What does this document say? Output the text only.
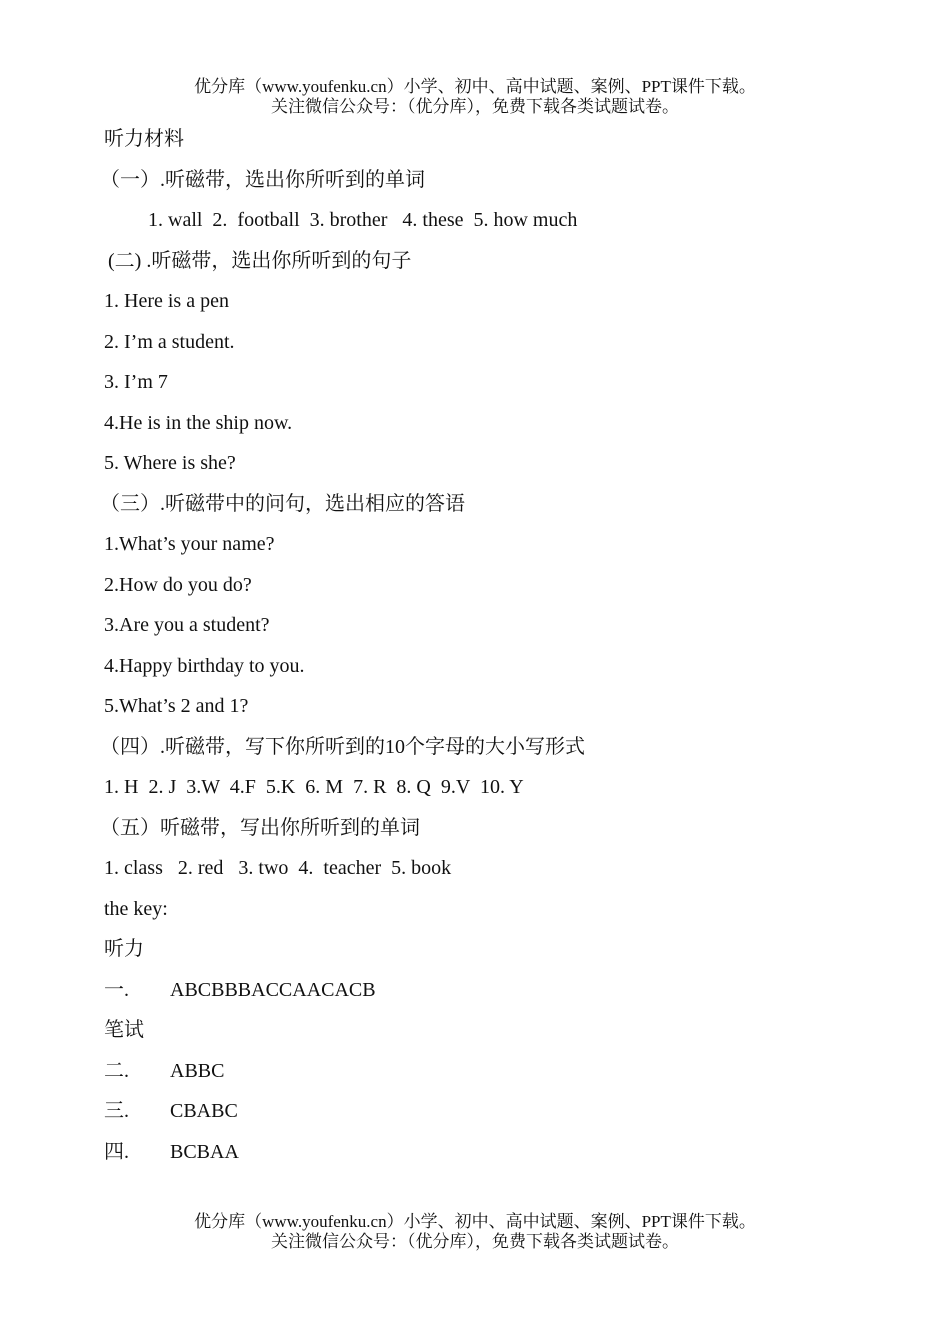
优分库（www.youfenku.cn）小学、初中、高中试题、案例、PPT课件下载。
关注微信公众号：（优分库），免费下载各类试题试卷。
听力材料
（一）.听磁带，选出你所听到的单词
1. wall  2.  football  3. brother   4. these  5. how much
(二) .听磁带，选出你所听到的句子
1. Here is a pen
2. I’m a student.
3. I’m 7
4.He is in the ship now.
5. Where is she?
（三）.听磁带中的问句，选出相应的答语
1.What’s your name?
2.How do you do?
3.Are you a student?
4.Happy birthday to you.
5.What’s 2 and 1?
（四）.听磁带，写下你所听到的10个字母的大小写形式
1. H  2. J  3.W  4.F  5.K  6. M  7. R  8. Q  9.V  10. Y
（五）听磁带，写出你所听到的单词
1. class   2. red   3. two  4.  teacher  5. book
the key:
听力
一. ABCBBBACCAACACB
笔试
二. ABBC
三. CBABC
四. BCBAA
优分库（www.youfenku.cn）小学、初中、高中试题、案例、PPT课件下载。
关注微信公众号：（优分库），免费下载各类试题试卷。
